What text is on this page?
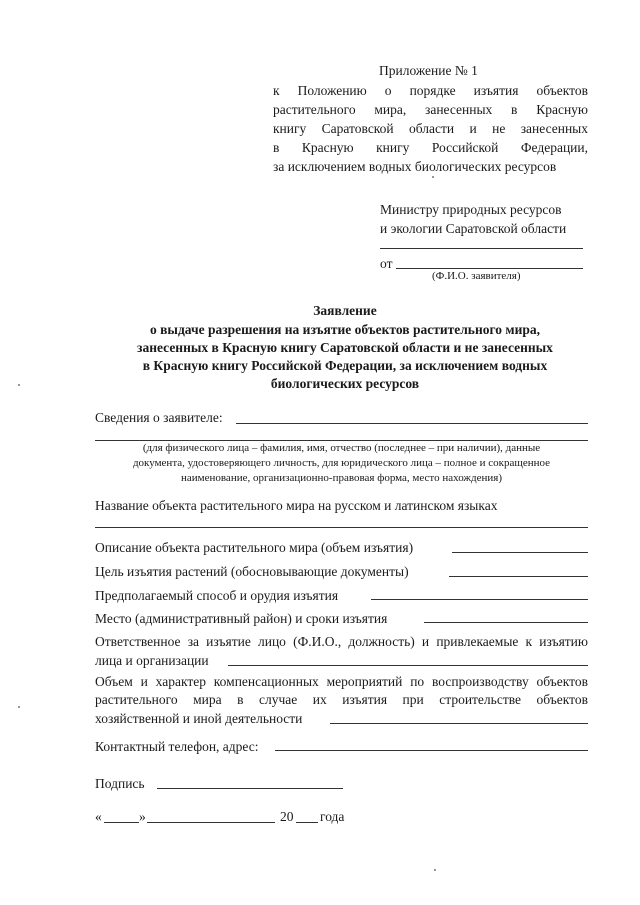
Приложение № 1
к Положению о порядке изъятия объектов
растительного мира, занесенных в Красную
книгу Саратовской области и не занесенных
в Красную книгу Российской Федерации,
за исключением водных биологических ресурсов
Министру природных ресурсов
и экологии Саратовской области
от
(Ф.И.О. заявителя)
Заявление
о выдаче разрешения на изъятие объектов растительного мира,
занесенных в Красную книгу Саратовской области и не занесенных
в Красную книгу Российской Федерации, за исключением водных
биологических ресурсов
Сведения о заявителе:
(для физического лица – фамилия, имя, отчество (последнее – при наличии), данные
документа, удостоверяющего личность, для юридического лица – полное и сокращенное
наименование, организационно-правовая форма, место нахождения)
Название объекта растительного мира на русском и латинском языках
Описание объекта растительного мира (объем изъятия)
Цель изъятия растений (обосновывающие документы)
Предполагаемый способ и орудия изъятия
Место (административный район) и сроки изъятия
Ответственное за изъятие лицо (Ф.И.О., должность) и привлекаемые к изъятию
лица и организации
Объем и характер компенсационных мероприятий по воспроизводству объектов
растительного мира в случае их изъятия при строительстве объектов
хозяйственной и иной деятельности
Контактный телефон, адрес:
Подпись
«	»	20 года
